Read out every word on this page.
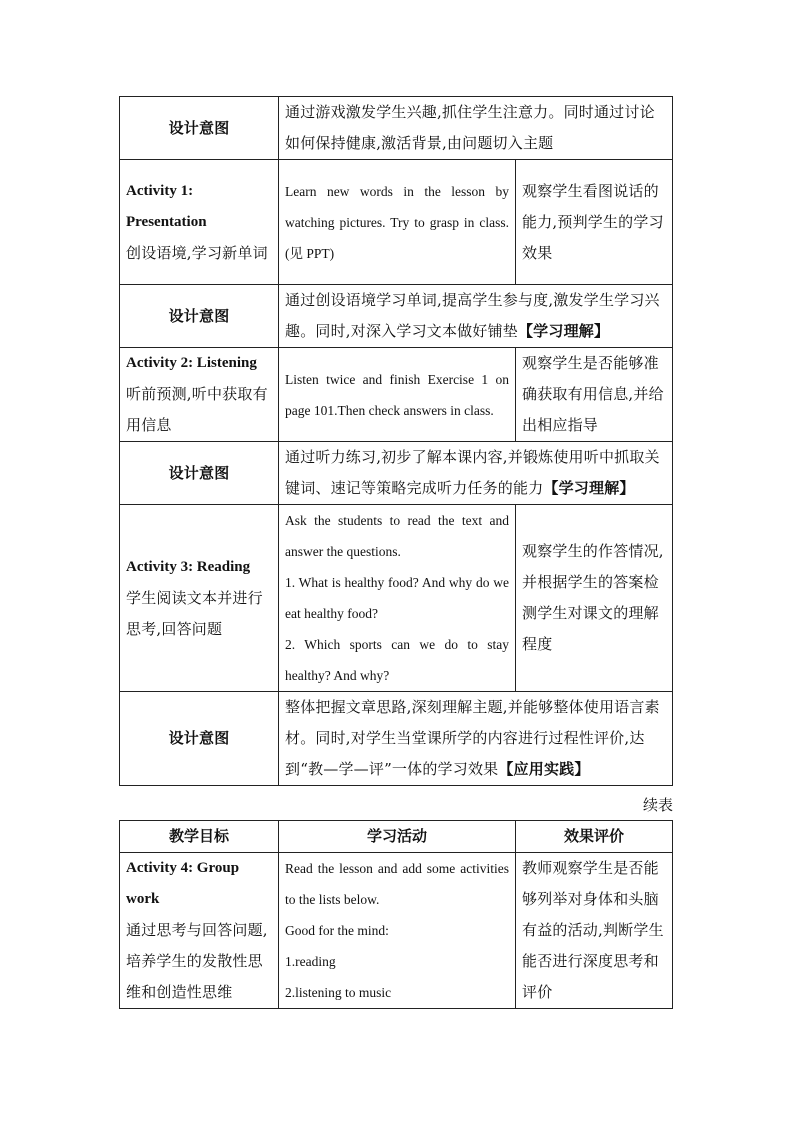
设计意图	通过游戏激发学生兴趣,抓住学生注意力。同时通过讨论如何保持健康,激活背景,由问题切入主题	

Activity 1:
Presentation
创设语境,学习新单词	Learn new words in the lesson by watching pictures. Try to grasp in class.(见 PPT)	观察学生看图说话的能力,预判学生的学习效果
设计意图	通过创设语境学习单词,提高学生参与度,激发学生学习兴趣。同时,对深入学习文本做好铺垫【学习理解】	

Activity 2: Listening
听前预测,听中获取有用信息	Listen twice and finish Exercise 1 on page 101.Then check answers in class.	观察学生是否能够准确获取有用信息,并给出相应指导
设计意图	通过听力练习,初步了解本课内容,并锻炼使用听中抓取关键词、速记等策略完成听力任务的能力【学习理解】	

Activity 3: Reading
学生阅读文本并进行思考,回答问题	Ask the students to read the text and answer the questions.
1. What is healthy food? And why do we eat healthy food?
2. Which sports can we do to stay healthy? And why?	观察学生的作答情况,并根据学生的答案检测学生对课文的理解程度
设计意图	整体把握文章思路,深刻理解主题,并能够整体使用语言素材。同时,对学生当堂课所学的内容进行过程性评价,达到“教—学—评”一体的学习效果【应用实践】	
续表
教学目标	学习活动	效果评价

Activity 4: Group
work
通过思考与回答问题,培养学生的发散性思维和创造性思维	Read the lesson and add some activities to the lists below.
Good for the mind:
1.reading
2.listening to music	教师观察学生是否能够列举对身体和头脑有益的活动,判断学生能否进行深度思考和评价
